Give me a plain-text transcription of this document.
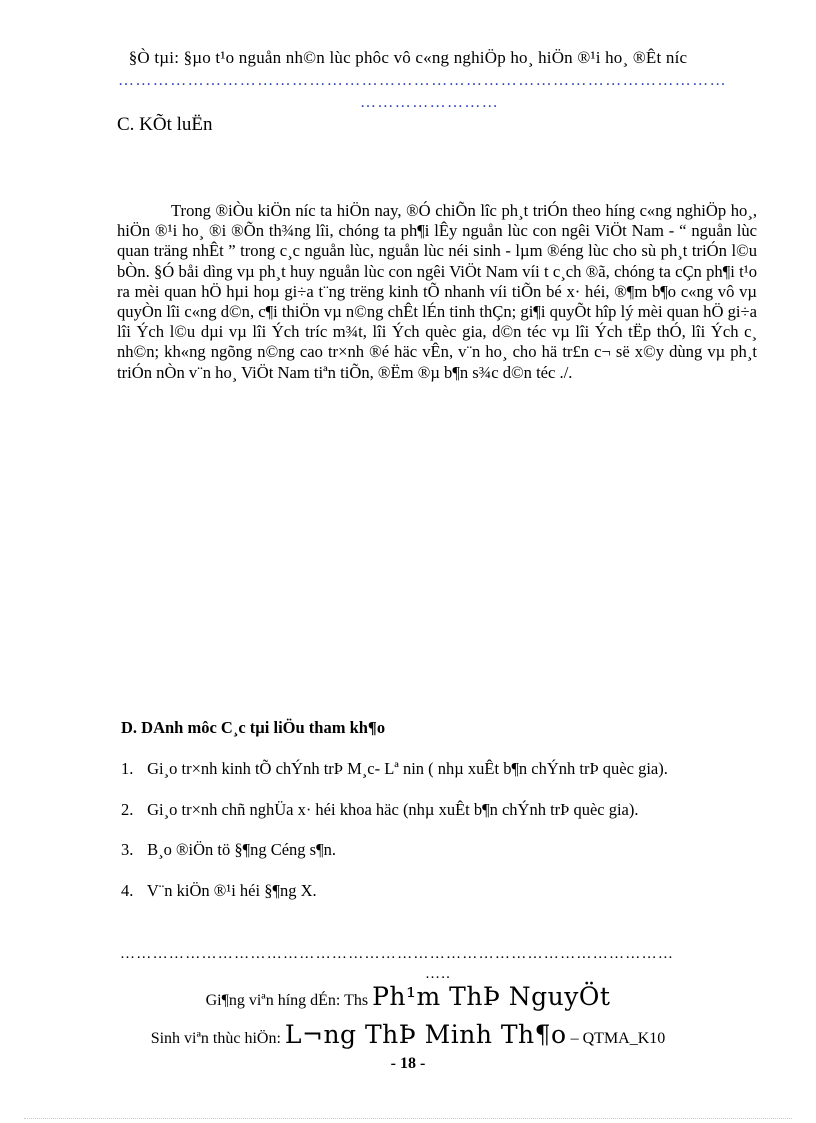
§Ò tµi: §µo t¹o nguån nh©n lùc phôc vô c«ng nghiÖp ho¸ hiÖn ®¹i ho¸ ®Êt níc
……………………………………………………………………………………………
……………………
C. KÕt luËn
Trong ®iÒu kiÖn níc ta hiÖn nay, ®Ó chiÕn lîc ph¸t triÓn theo híng c«ng nghiÖp ho¸, hiÖn ®¹i ho¸ ®i ®Õn th¾ng lîi, chóng ta ph¶i lÊy nguån lùc con ngêi ViÖt Nam - “ nguån lùc quan träng nhÊt ” trong c¸c nguån lùc, nguån lùc néi sinh - lµm ®éng lùc cho sù ph¸t triÓn l©u bÒn. §Ó båi dìng vµ ph¸t huy nguån lùc con ngêi ViÖt Nam víi t c¸ch ®ã, chóng ta cÇn ph¶i t¹o ra mèi quan hÖ hµi hoµ gi÷a t¨ng trëng kinh tÕ nhanh víi tiÕn bé x· héi, ®¶m b¶o c«ng vô vµ quyÒn lîi c«ng d©n, c¶i thiÖn vµ n©ng chÊt lÉn tinh thÇn; gi¶i quyÕt hîp lý mèi quan hÖ gi÷a lîi Ých l©u dµi vµ lîi Ých tríc m¾t, lîi Ých quèc gia, d©n téc vµ lîi Ých tËp thÓ, lîi Ých c¸ nh©n; kh«ng ngõng n©ng cao tr×nh ®é häc vÊn, v¨n ho¸ cho hä tr£n c¬ së x©y dùng vµ ph¸t triÓn nÒn v¨n ho¸ ViÖt Nam tiªn tiÕn, ®Ëm ®µ b¶n s¾c d©n téc ./.
D. DAnh môc C¸c tµi liÖu tham kh¶o
1. Gi¸o tr×nh kinh tÕ chÝnh trÞ M¸c- Lª nin ( nhµ xuÊt b¶n chÝnh trÞ quèc gia).
2. Gi¸o tr×nh chñ nghÜa x· héi khoa häc (nhµ xuÊt b¶n chÝnh trÞ quèc gia).
3. B¸o ®iÖn tö §¶ng Céng s¶n.
4. V¨n kiÖn ®¹i héi §¶ng X.
…………………………………………………………………………………………
…..
Gi¶ng viªn híng dÉn: Ths Ph¹m ThÞ NguyÖt
Sinh viªn thùc hiÖn: L¬ng ThÞ Minh Th¶o – QTMA_K10
- 18 -
